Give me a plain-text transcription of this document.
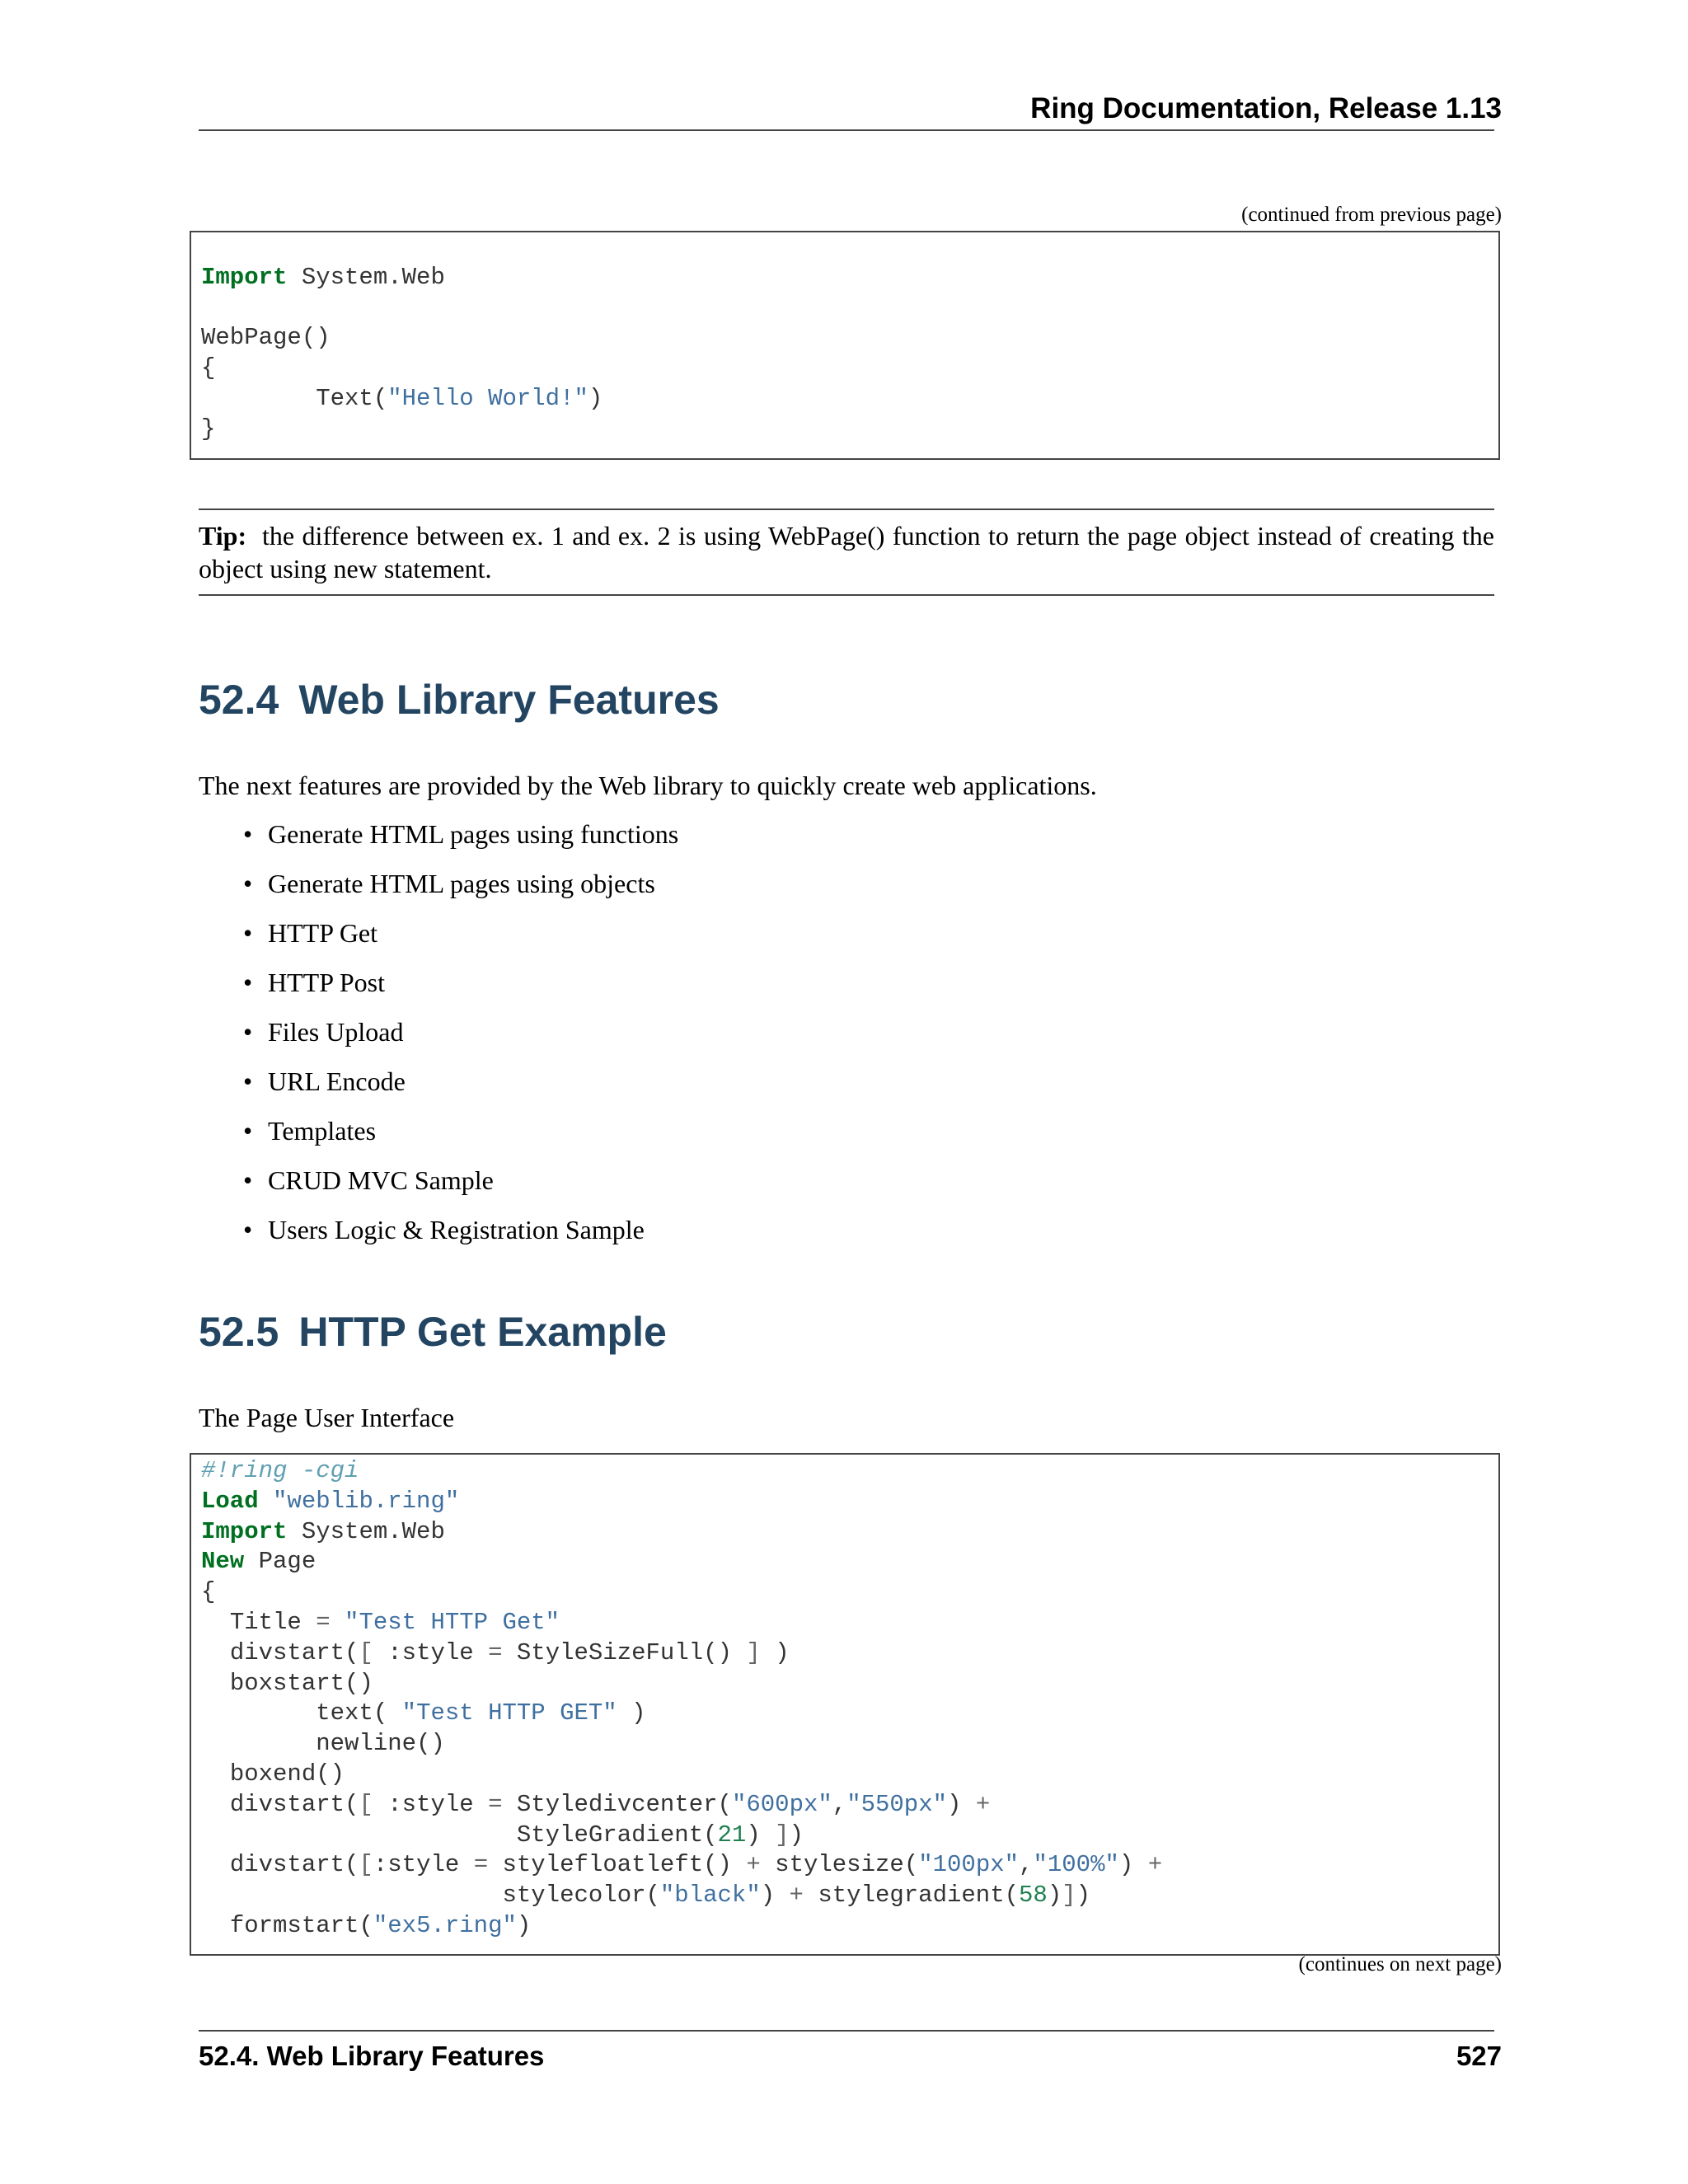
Ring Documentation, Release 1.13
(continued from previous page)
Import System.Web
WebPage()
{
Text("Hello World!")
}
Tip: the difference between ex. 1 and ex. 2 is using WebPage() function to return the page object instead of creating the object using new statement.
52.4 Web Library Features
The next features are provided by the Web library to quickly create web applications.
• Generate HTML pages using functions
• Generate HTML pages using objects
• HTTP Get
• HTTP Post
• Files Upload
• URL Encode
• Templates
• CRUD MVC Sample
• Users Logic & Registration Sample
52.5 HTTP Get Example
The Page User Interface
#!ring -cgi
Load "weblib.ring"
Import System.Web
New Page
{
Title = "Test HTTP Get"
divstart([ :style = StyleSizeFull() ] )
boxstart()
text( "Test HTTP GET" )
newline()
boxend()
divstart([ :style = Styledivcenter("600px","550px") +
StyleGradient(21) ])
divstart([:style = stylefloatleft() + stylesize("100px","100%") +
stylecolor("black") + stylegradient(58)])
formstart("ex5.ring")
(continues on next page)
52.4. Web Library Features	527
